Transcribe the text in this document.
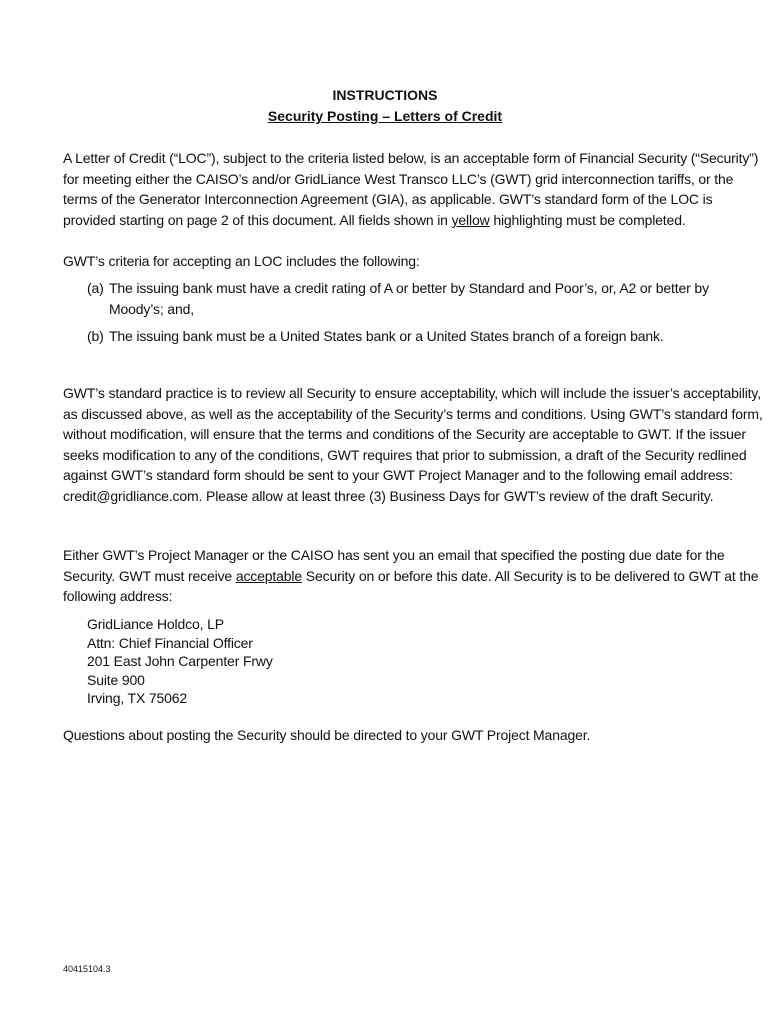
INSTRUCTIONS
Security Posting – Letters of Credit
A Letter of Credit (“LOC”), subject to the criteria listed below, is an acceptable form of Financial Security (“Security”)
for meeting either the CAISO’s and/or GridLiance West Transco LLC’s (GWT) grid interconnection tariffs, or the
terms of the Generator Interconnection Agreement (GIA), as applicable. GWT’s standard form of the LOC is
provided starting on page 2 of this document. All fields shown in yellow highlighting must be completed.
GWT’s criteria for accepting an LOC includes the following:
(a) The issuing bank must have a credit rating of A or better by Standard and Poor’s, or, A2 or better by
Moody’s; and,
(b) The issuing bank must be a United States bank or a United States branch of a foreign bank.
GWT’s standard practice is to review all Security to ensure acceptability, which will include the issuer’s acceptability,
as discussed above, as well as the acceptability of the Security’s terms and conditions. Using GWT’s standard form,
without modification, will ensure that the terms and conditions of the Security are acceptable to GWT. If the issuer
seeks modification to any of the conditions, GWT requires that prior to submission, a draft of the Security redlined
against GWT’s standard form should be sent to your GWT Project Manager and to the following email address:
credit@gridliance.com. Please allow at least three (3) Business Days for GWT’s review of the draft Security.
Either GWT’s Project Manager or the CAISO has sent you an email that specified the posting due date for the
Security. GWT must receive acceptable Security on or before this date. All Security is to be delivered to GWT at the
following address:
GridLiance Holdco, LP
Attn: Chief Financial Officer
201 East John Carpenter Frwy
Suite 900
Irving, TX 75062
Questions about posting the Security should be directed to your GWT Project Manager.
40415104.3
